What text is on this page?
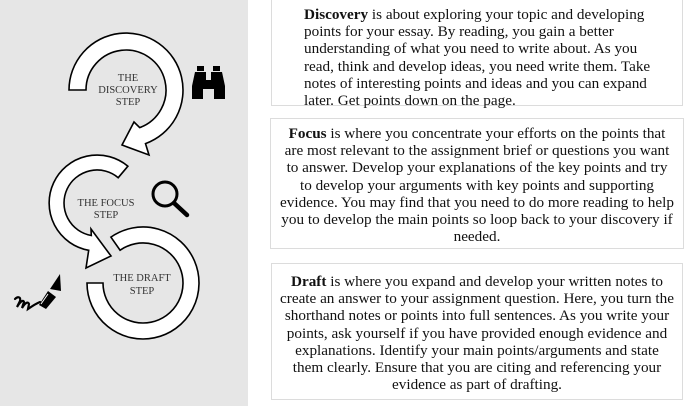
THE
DISCOVERY
STEP
THE FOCUS
STEP
THE DRAFT
STEP
Discovery is about exploring your topic and developing points for your essay. By reading, you gain a better understanding of what you need to write about. As you read, think and develop ideas, you need write them. Take notes of interesting points and ideas and you can expand later. Get points down on the page.
Focus is where you concentrate your efforts on the points that are most relevant to the assignment brief or questions you want to answer. Develop your explanations of the key points and try to develop your arguments with key points and supporting evidence. You may find that you need to do more reading to help you to develop the main points so loop back to your discovery if needed.
Draft is where you expand and develop your written notes to create an answer to your assignment question. Here, you turn the shorthand notes or points into full sentences. As you write your points, ask yourself if you have provided enough evidence and explanations. Identify your main points/arguments and state them clearly. Ensure that you are citing and referencing your evidence as part of drafting.
